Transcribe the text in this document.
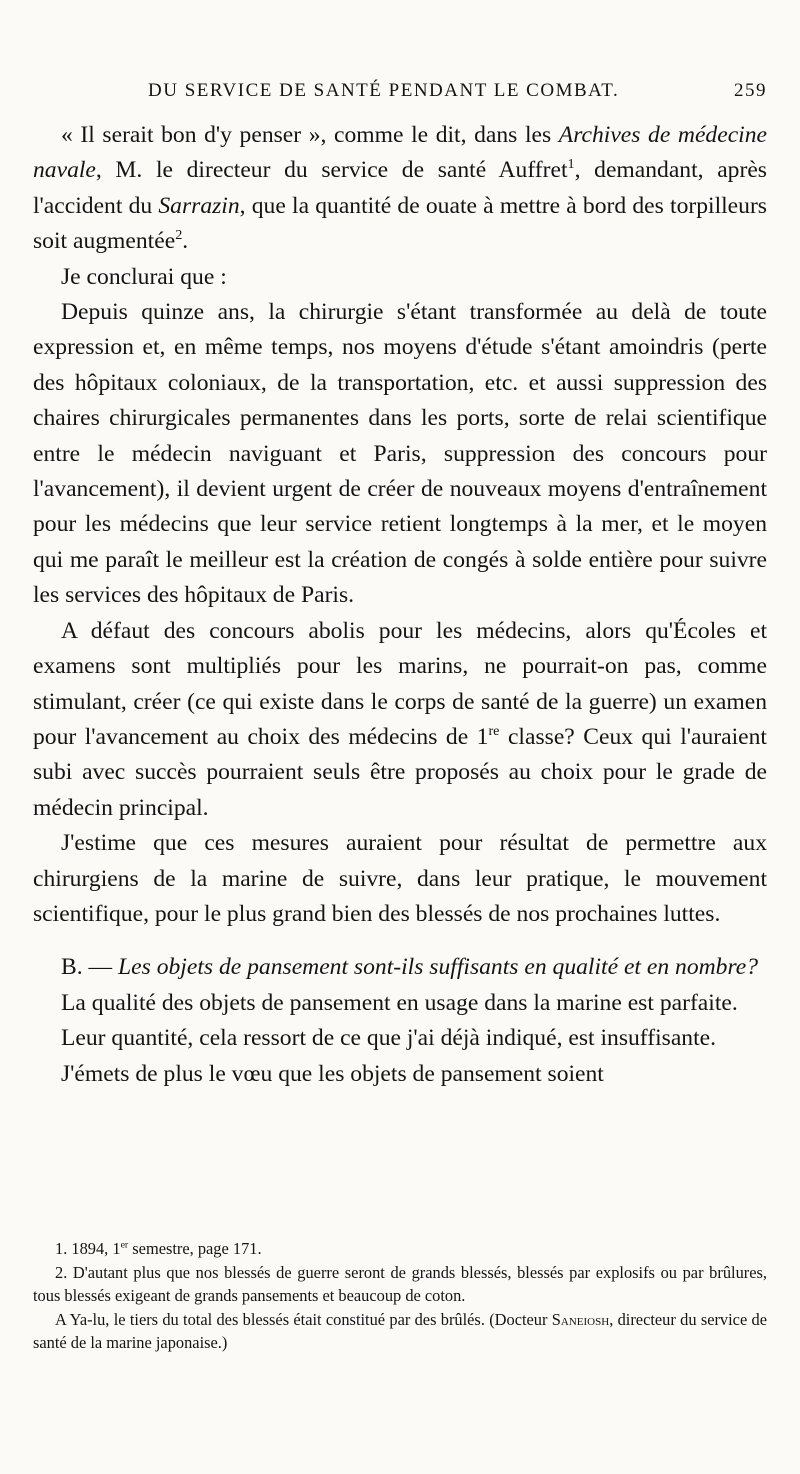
DU SERVICE DE SANTÉ PENDANT LE COMBAT.	259

« Il serait bon d'y penser », comme le dit, dans les Archives de médecine navale, M. le directeur du service de santé Auffret$^1$, demandant, après l'accident du Sarrazin, que la quantité de ouate à mettre à bord des torpilleurs soit augmentée$^2$.

Je conclurai que :

Depuis quinze ans, la chirurgie s'étant transformée au delà de toute expression et, en même temps, nos moyens d'étude s'étant amoindris (perte des hôpitaux coloniaux, de la transportation, etc. et aussi suppression des chaires chirurgicales permanentes dans les ports, sorte de relai scientifique entre le médecin naviguant et Paris, suppression des concours pour l'avancement), il devient urgent de créer de nouveaux moyens d'entraînement pour les médecins que leur service retient longtemps à la mer, et le moyen qui me paraît le meilleur est la création de congés à solde entière pour suivre les services des hôpitaux de Paris.

A défaut des concours abolis pour les médecins, alors qu'Écoles et examens sont multipliés pour les marins, ne pourrait-on pas, comme stimulant, créer (ce qui existe dans le corps de santé de la guerre) un examen pour l'avancement au choix des médecins de 1re classe? Ceux qui l'auraient subi avec succès pourraient seuls être proposés au choix pour le grade de médecin principal.

J'estime que ces mesures auraient pour résultat de permettre aux chirurgiens de la marine de suivre, dans leur pratique, le mouvement scientifique, pour le plus grand bien des blessés de nos prochaines luttes.

B. — Les objets de pansement sont-ils suffisants en qualité et en nombre?

La qualité des objets de pansement en usage dans la marine est parfaite.

Leur quantité, cela ressort de ce que j'ai déjà indiqué, est insuffisante.

J'émets de plus le vœu que les objets de pansement soient

1. 1894, 1er semestre, page 171.

2. D'autant plus que nos blessés de guerre seront de grands blessés, blessés par explosifs ou par brûlures, tous blessés exigeant de grands pansements et beaucoup de coton.

A Ya-lu, le tiers du total des blessés était constitué par des brûlés. (Docteur Saneiosh, directeur du service de santé de la marine japonaise.)
